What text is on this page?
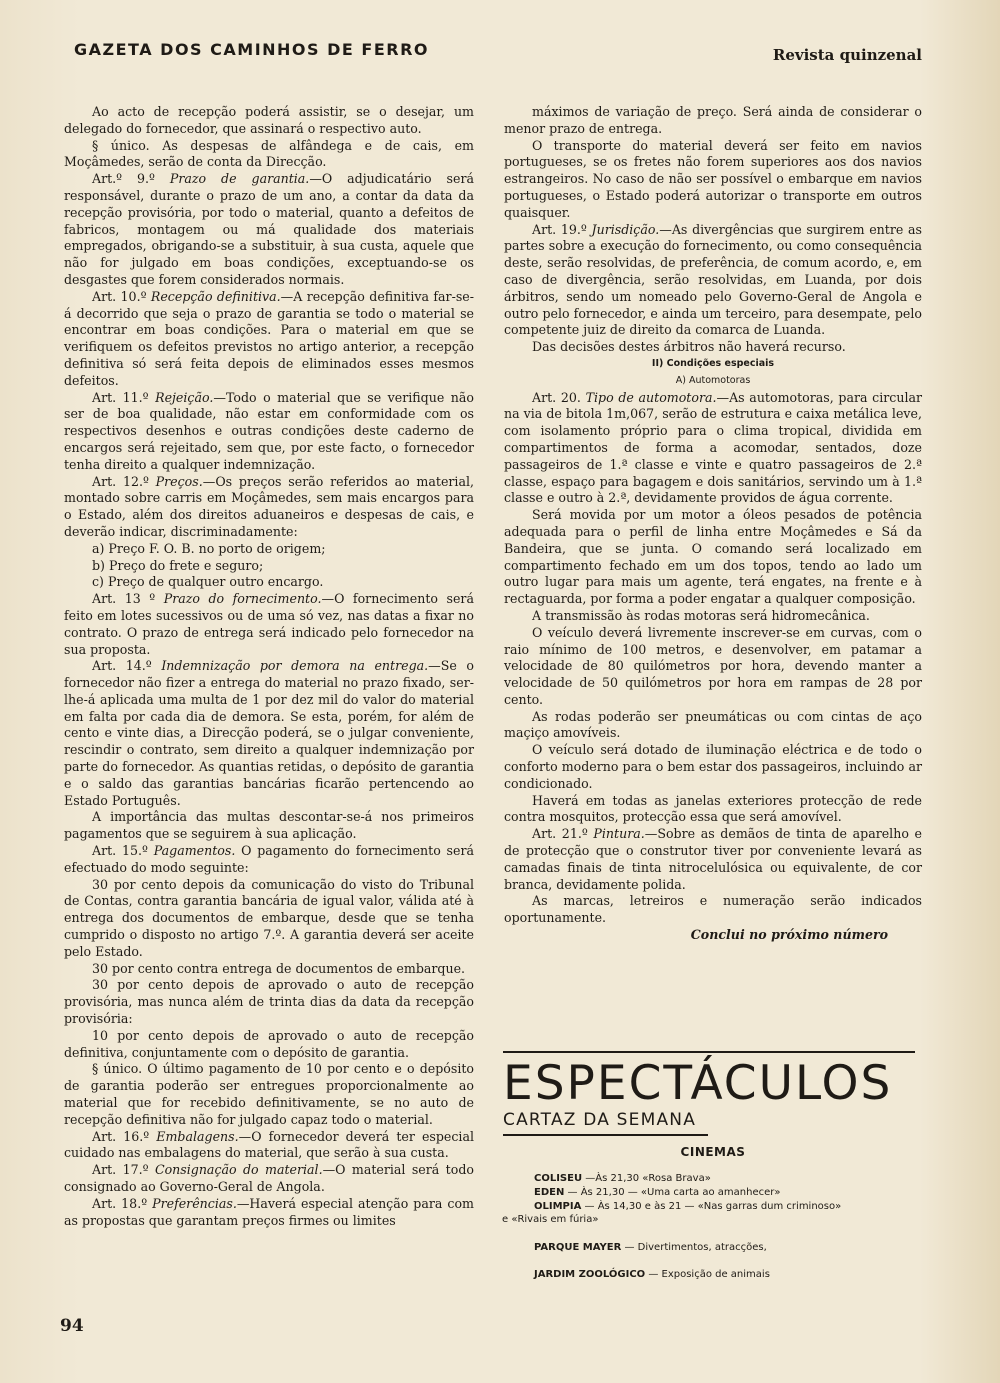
GAZETA DOS CAMINHOS DE FERRO	Revista quinzenal

Ao acto de recepção poderá assistir, se o desejar, um delegado do fornecedor, que assinará o respectivo auto.

§ único. As despesas de alfândega e de cais, em Moçâmedes, serão de conta da Direcção.

Art.º 9.º Prazo de garantia.—O adjudicatário será responsável, durante o prazo de um ano, a contar da data da recepção provisória, por todo o material, quanto a defeitos de fabricos, montagem ou má qualidade dos materiais empregados, obrigando-se a substituir, à sua custa, aquele que não for julgado em boas condições, exceptuando-se os desgastes que forem considerados normais.

Art. 10.º Recepção definitiva.—A recepção definitiva far-se-á decorrido que seja o prazo de garantia se todo o material se encontrar em boas condições. Para o material em que se verifiquem os defeitos previstos no artigo anterior, a recepção definitiva só será feita depois de eliminados esses mesmos defeitos.

Art. 11.º Rejeição.—Todo o material que se verifique não ser de boa qualidade, não estar em conformidade com os respectivos desenhos e outras condições deste caderno de encargos será rejeitado, sem que, por este facto, o fornecedor tenha direito a qualquer indemnização.

Art. 12.º Preços.—Os preços serão referidos ao material, montado sobre carris em Moçâmedes, sem mais encargos para o Estado, além dos direitos aduaneiros e despesas de cais, e deverão indicar, discriminadamente:

a) Preço F. O. B. no porto de origem;

b) Preço do frete e seguro;

c) Preço de qualquer outro encargo.

Art. 13 º Prazo do fornecimento.—O fornecimento será feito em lotes sucessivos ou de uma só vez, nas datas a fixar no contrato. O prazo de entrega será indicado pelo fornecedor na sua proposta.

Art. 14.º Indemnização por demora na entrega.—Se o fornecedor não fizer a entrega do material no prazo fixado, ser-lhe-á aplicada uma multa de 1 por dez mil do valor do material em falta por cada dia de demora. Se esta, porém, for além de cento e vinte dias, a Direcção poderá, se o julgar conveniente, rescindir o contrato, sem direito a qualquer indemnização por parte do fornecedor. As quantias retidas, o depósito de garantia e o saldo das garantias bancárias ficarão pertencendo ao Estado Português.

A importância das multas descontar-se-á nos primeiros pagamentos que se seguirem à sua aplicação.

Art. 15.º Pagamentos. O pagamento do fornecimento será efectuado do modo seguinte:

30 por cento depois da comunicação do visto do Tribunal de Contas, contra garantia bancária de igual valor, válida até à entrega dos documentos de embarque, desde que se tenha cumprido o disposto no artigo 7.º. A garantia deverá ser aceite pelo Estado.

30 por cento contra entrega de documentos de embarque.

30 por cento depois de aprovado o auto de recepção provisória, mas nunca além de trinta dias da data da recepção provisória:

10 por cento depois de aprovado o auto de recepção definitiva, conjuntamente com o depósito de garantia.

§ único. O último pagamento de 10 por cento e o depósito de garantia poderão ser entregues proporcionalmente ao material que for recebido definitivamente, se no auto de recepção definitiva não for julgado capaz todo o material.

Art. 16.º Embalagens.—O fornecedor deverá ter especial cuidado nas embalagens do material, que serão à sua custa.

Art. 17.º Consignação do material.—O material será todo consignado ao Governo-Geral de Angola.

Art. 18.º Preferências.—Haverá especial atenção para com as propostas que garantam preços firmes ou limites

máximos de variação de preço. Será ainda de considerar o menor prazo de entrega.

O transporte do material deverá ser feito em navios portugueses, se os fretes não forem superiores aos dos navios estrangeiros. No caso de não ser possível o embarque em navios portugueses, o Estado poderá autorizar o transporte em outros quaisquer.

Art. 19.º Jurisdição.—As divergências que surgirem entre as partes sobre a execução do fornecimento, ou como consequência deste, serão resolvidas, de preferência, de comum acordo, e, em caso de divergência, serão resolvidas, em Luanda, por dois árbitros, sendo um nomeado pelo Governo-Geral de Angola e outro pelo fornecedor, e ainda um terceiro, para desempate, pelo competente juiz de direito da comarca de Luanda.

Das decisões destes árbitros não haverá recurso.

II) Condições especiais

A) Automotoras

Art. 20. Tipo de automotora.—As automotoras, para circular na via de bitola 1m,067, serão de estrutura e caixa metálica leve, com isolamento próprio para o clima tropical, dividida em compartimentos de forma a acomodar, sentados, doze passageiros de 1.ª classe e vinte e quatro passageiros de 2.ª classe, espaço para bagagem e dois sanitários, servindo um à 1.ª classe e outro à 2.ª, devidamente providos de água corrente.

Será movida por um motor a óleos pesados de potência adequada para o perfil de linha entre Moçâmedes e Sá da Bandeira, que se junta. O comando será localizado em compartimento fechado em um dos topos, tendo ao lado um outro lugar para mais um agente, terá engates, na frente e à rectaguarda, por forma a poder engatar a qualquer composição.

A transmissão às rodas motoras será hidromecânica.

O veículo deverá livremente inscrever-se em curvas, com o raio mínimo de 100 metros, e desenvolver, em patamar a velocidade de 80 quilómetros por hora, devendo manter a velocidade de 50 quilómetros por hora em rampas de 28 por cento.

As rodas poderão ser pneumáticas ou com cintas de aço maçiço amovíveis.

O veículo será dotado de iluminação eléctrica e de todo o conforto moderno para o bem estar dos passageiros, incluindo ar condicionado.

Haverá em todas as janelas exteriores protecção de rede contra mosquitos, protecção essa que será amovível.

Art. 21.º Pintura.—Sobre as demãos de tinta de aparelho e de protecção que o construtor tiver por conveniente levará as camadas finais de tinta nitrocelulósica ou equivalente, de cor branca, devidamente polida.

As marcas, letreiros e numeração serão indicados oportunamente.

Conclui no próximo número

ESPECTÁCULOS
CARTAZ DA SEMANA
CINEMAS
COLISEU —Às 21,30 «Rosa Brava»
EDEN — Às 21,30 — «Uma carta ao amanhecer»
OLIMPIA — Às 14,30 e às 21 — «Nas garras dum criminoso»
e «Rivais em fúria»
PARQUE MAYER — Divertimentos, atracções,
JARDIM ZOOLÓGICO — Exposição de animais
94
